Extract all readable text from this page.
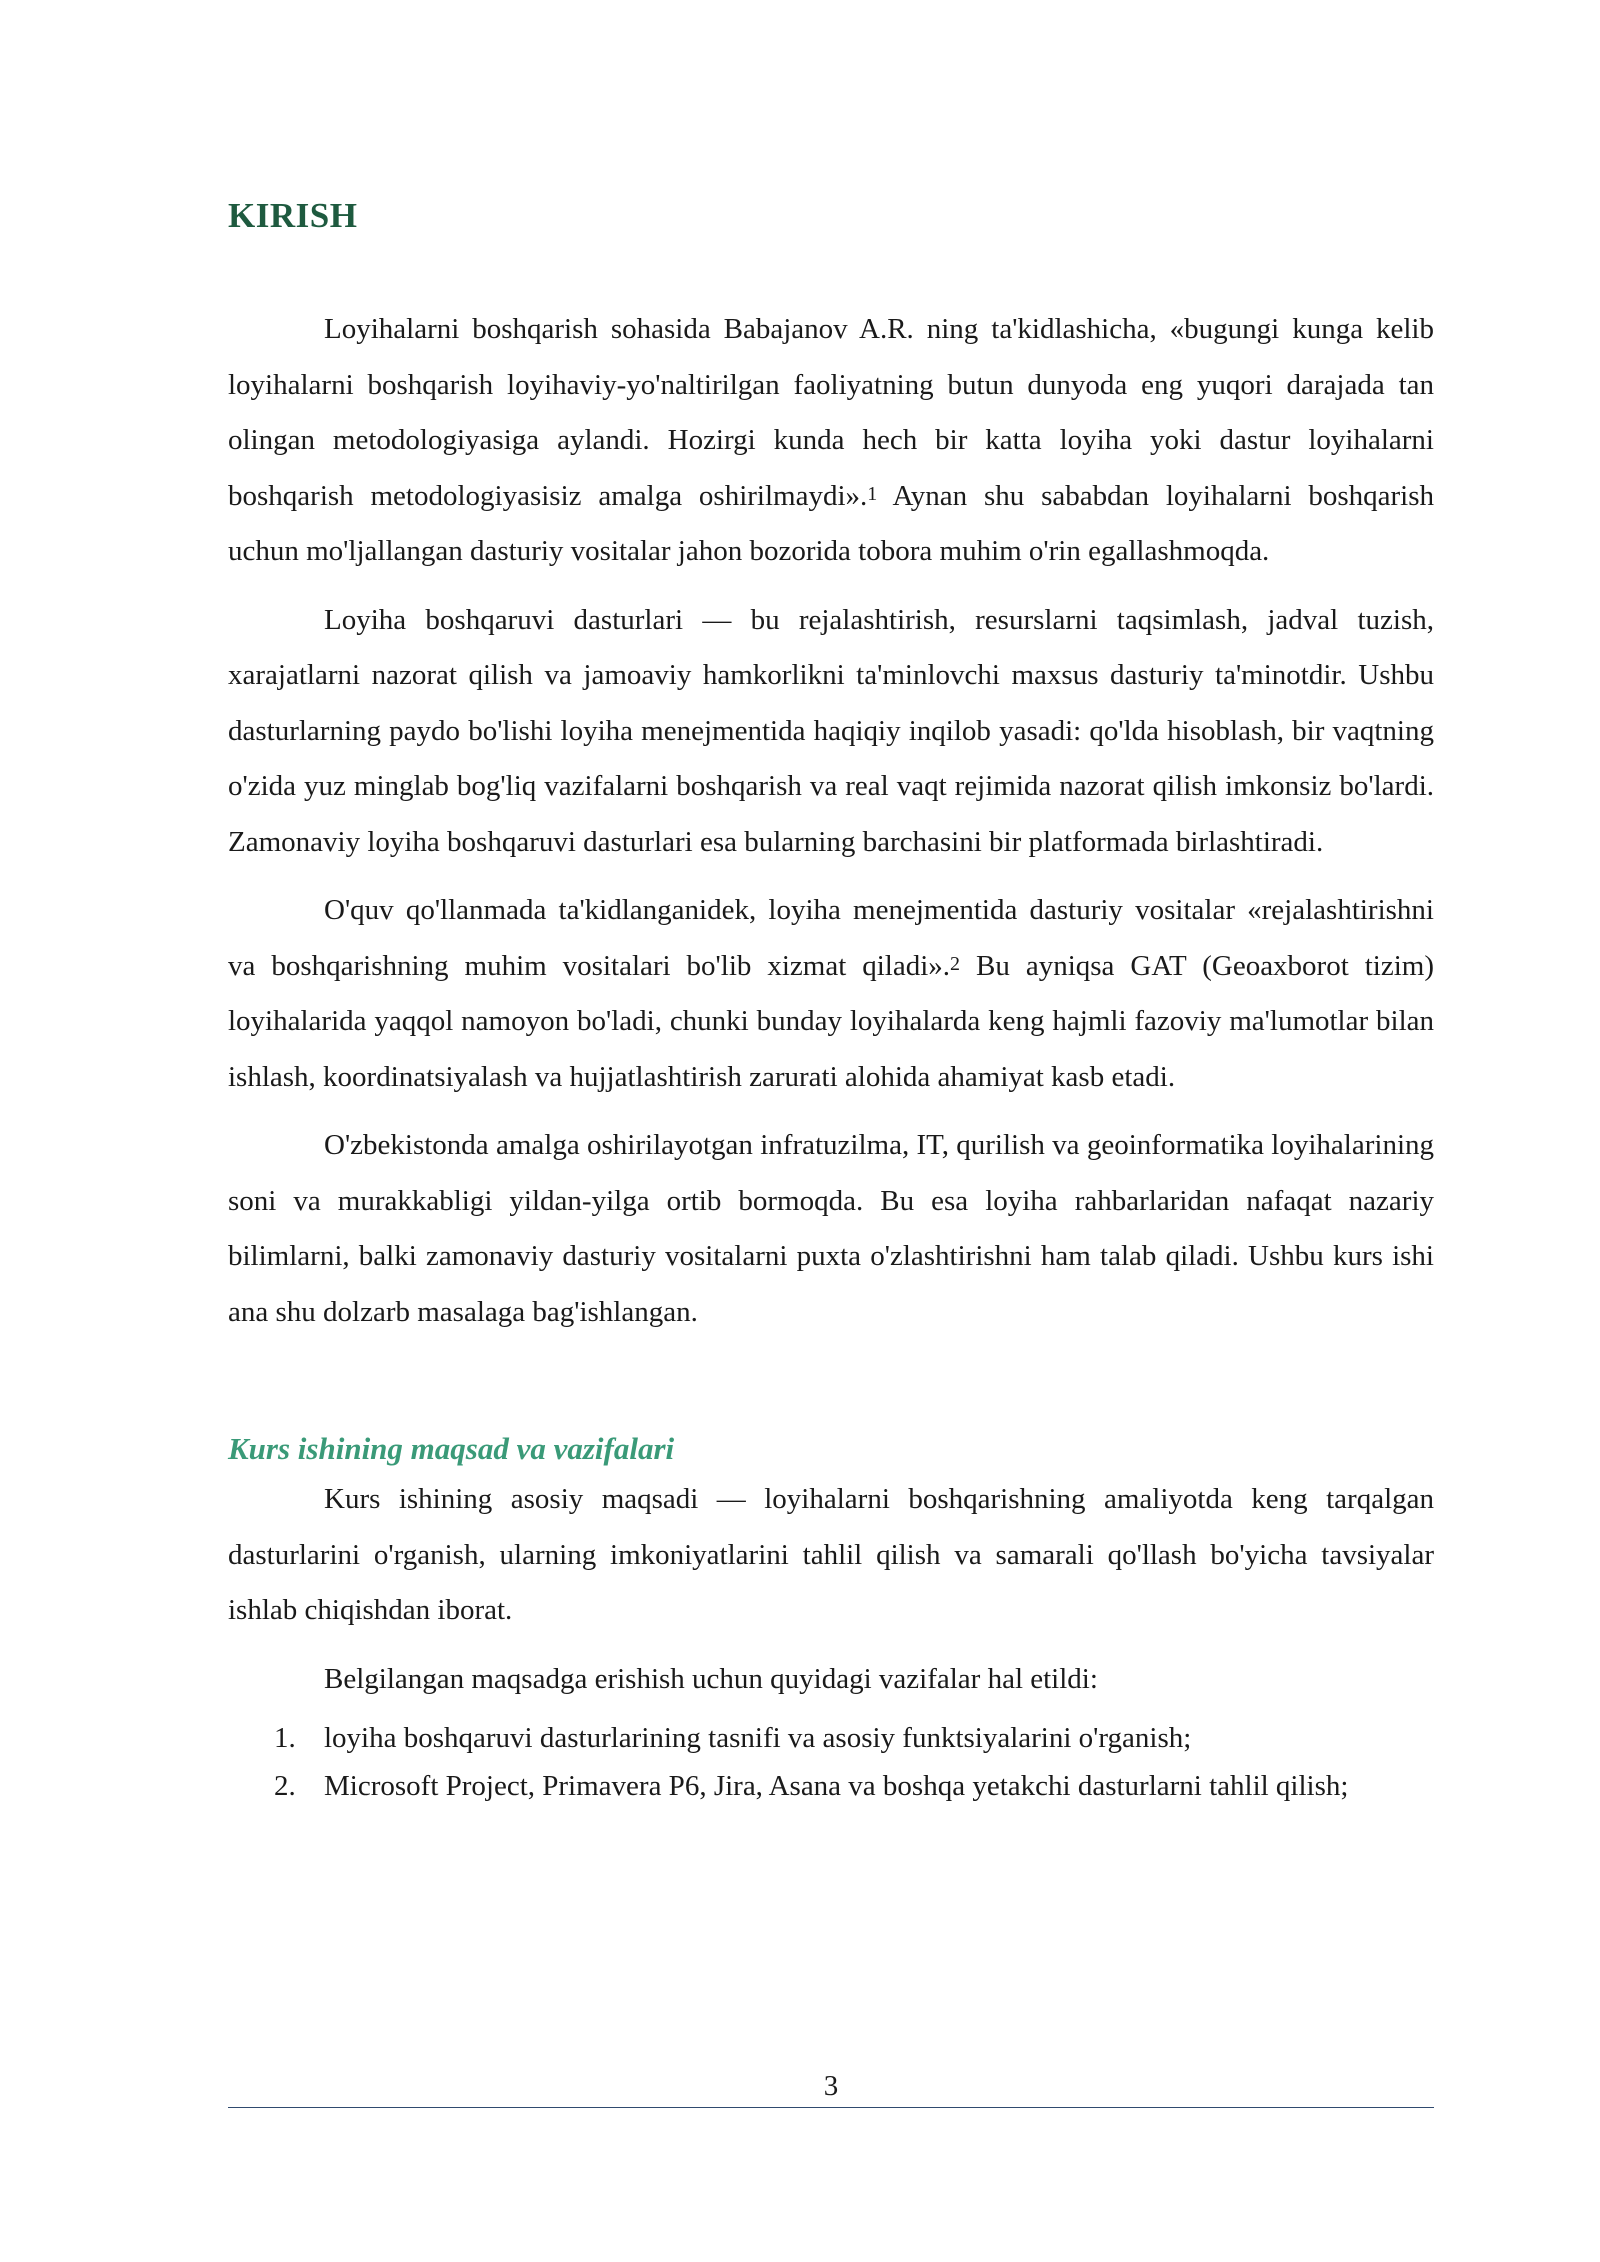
KIRISH

Loyihalarni boshqarish sohasida Babajanov A.R. ning ta'kidlashicha, «bugungi kunga kelib loyihalarni boshqarish loyihaviy-yo'naltirilgan faoliyatning butun dunyoda eng yuqori darajada tan olingan metodologiyasiga aylandi. Hozirgi kunda hech bir katta loyiha yoki dastur loyihalarni boshqarish metodologiyasisiz amalga oshirilmaydi».$^1$ Aynan shu sababdan loyihalarni boshqarish uchun mo'ljallangan dasturiy vositalar jahon bozorida tobora muhim o'rin egallashmoqda.

Loyiha boshqaruvi dasturlari — bu rejalashtirish, resurslarni taqsimlash, jadval tuzish, xarajatlarni nazorat qilish va jamoaviy hamkorlikni ta'minlovchi maxsus dasturiy ta'minotdir. Ushbu dasturlarning paydo bo'lishi loyiha menejmentida haqiqiy inqilob yasadi: qo'lda hisoblash, bir vaqtning o'zida yuz minglab bog'liq vazifalarni boshqarish va real vaqt rejimida nazorat qilish imkonsiz bo'lardi. Zamonaviy loyiha boshqaruvi dasturlari esa bularning barchasini bir platformada birlashtiradi.

O'quv qo'llanmada ta'kidlanganidek, loyiha menejmentida dasturiy vositalar «rejalashtirishni va boshqarishning muhim vositalari bo'lib xizmat qiladi».$^2$ Bu ayniqsa GAT (Geoaxborot tizim) loyihalarida yaqqol namoyon bo'ladi, chunki bunday loyihalarda keng hajmli fazoviy ma'lumotlar bilan ishlash, koordinatsiyalash va hujjatlashtirish zarurati alohida ahamiyat kasb etadi.

O'zbekistonda amalga oshirilayotgan infratuzilma, IT, qurilish va geoinformatika loyihalarining soni va murakkabligi yildan-yilga ortib bormoqda. Bu esa loyiha rahbarlaridan nafaqat nazariy bilimlarni, balki zamonaviy dasturiy vositalarni puxta o'zlashtirishni ham talab qiladi. Ushbu kurs ishi ana shu dolzarb masalaga bag'ishlangan.

Kurs ishining maqsad va vazifalari

Kurs ishining asosiy maqsadi — loyihalarni boshqarishning amaliyotda keng tarqalgan dasturlarini o'rganish, ularning imkoniyatlarini tahlil qilish va samarali qo'llash bo'yicha tavsiyalar ishlab chiqishdan iborat.

Belgilangan maqsadga erishish uchun quyidagi vazifalar hal etildi:

1. loyiha boshqaruvi dasturlarining tasnifi va asosiy funktsiyalarini o'rganish;
2. Microsoft Project, Primavera P6, Jira, Asana va boshqa yetakchi dasturlarni tahlil qilish;
3
